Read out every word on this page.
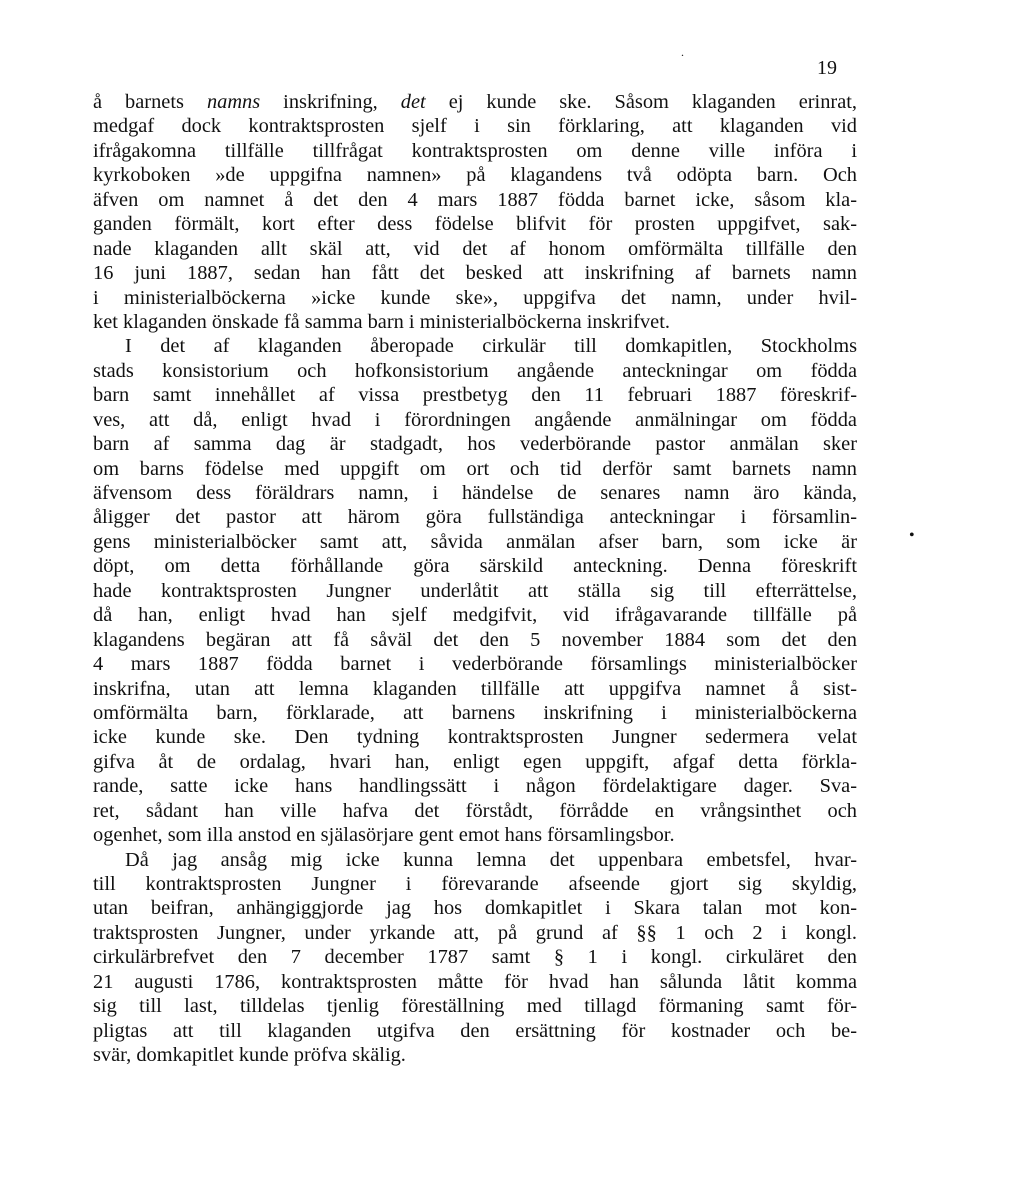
.
19
•
å barnets namns inskrifning, det ej kunde ske. Såsom klaganden erinrat,
medgaf dock kontraktsprosten sjelf i sin förklaring, att klaganden vid
ifrågakomna tillfälle tillfrågat kontraktsprosten om denne ville införa i
kyrkoboken »de uppgifna namnen» på klagandens två odöpta barn. Och
äfven om namnet å det den 4 mars 1887 födda barnet icke, såsom kla-
ganden förmält, kort efter dess födelse blifvit för prosten uppgifvet, sak-
nade klaganden allt skäl att, vid det af honom omförmälta tillfälle den
16 juni 1887, sedan han fått det besked att inskrifning af barnets namn
i ministerialböckerna »icke kunde ske», uppgifva det namn, under hvil-
ket klaganden önskade få samma barn i ministerialböckerna inskrifvet.
I det af klaganden åberopade cirkulär till domkapitlen, Stockholms
stads konsistorium och hofkonsistorium angående anteckningar om födda
barn samt innehållet af vissa prestbetyg den 11 februari 1887 föreskrif-
ves, att då, enligt hvad i förordningen angående anmälningar om födda
barn af samma dag är stadgadt, hos vederbörande pastor anmälan sker
om barns födelse med uppgift om ort och tid derför samt barnets namn
äfvensom dess föräldrars namn, i händelse de senares namn äro kända,
åligger det pastor att härom göra fullständiga anteckningar i församlin-
gens ministerialböcker samt att, såvida anmälan afser barn, som icke är
döpt, om detta förhållande göra särskild anteckning. Denna föreskrift
hade kontraktsprosten Jungner underlåtit att ställa sig till efterrättelse,
då han, enligt hvad han sjelf medgifvit, vid ifrågavarande tillfälle på
klagandens begäran att få såväl det den 5 november 1884 som det den
4 mars 1887 födda barnet i vederbörande församlings ministerialböcker
inskrifna, utan att lemna klaganden tillfälle att uppgifva namnet å sist-
omförmälta barn, förklarade, att barnens inskrifning i ministerialböckerna
icke kunde ske. Den tydning kontraktsprosten Jungner sedermera velat
gifva åt de ordalag, hvari han, enligt egen uppgift, afgaf detta förkla-
rande, satte icke hans handlingssätt i någon fördelaktigare dager. Sva-
ret, sådant han ville hafva det förstådt, förrådde en vrångsinthet och
ogenhet, som illa anstod en själasörjare gent emot hans församlingsbor.
Då jag ansåg mig icke kunna lemna det uppenbara embetsfel, hvar-
till kontraktsprosten Jungner i förevarande afseende gjort sig skyldig,
utan beifran, anhängiggjorde jag hos domkapitlet i Skara talan mot kon-
traktsprosten Jungner, under yrkande att, på grund af §§ 1 och 2 i kongl.
cirkulärbrefvet den 7 december 1787 samt § 1 i kongl. cirkuläret den
21 augusti 1786, kontraktsprosten måtte för hvad han sålunda låtit komma
sig till last, tilldelas tjenlig föreställning med tillagd förmaning samt för-
pligtas att till klaganden utgifva den ersättning för kostnader och be-
svär, domkapitlet kunde pröfva skälig.
